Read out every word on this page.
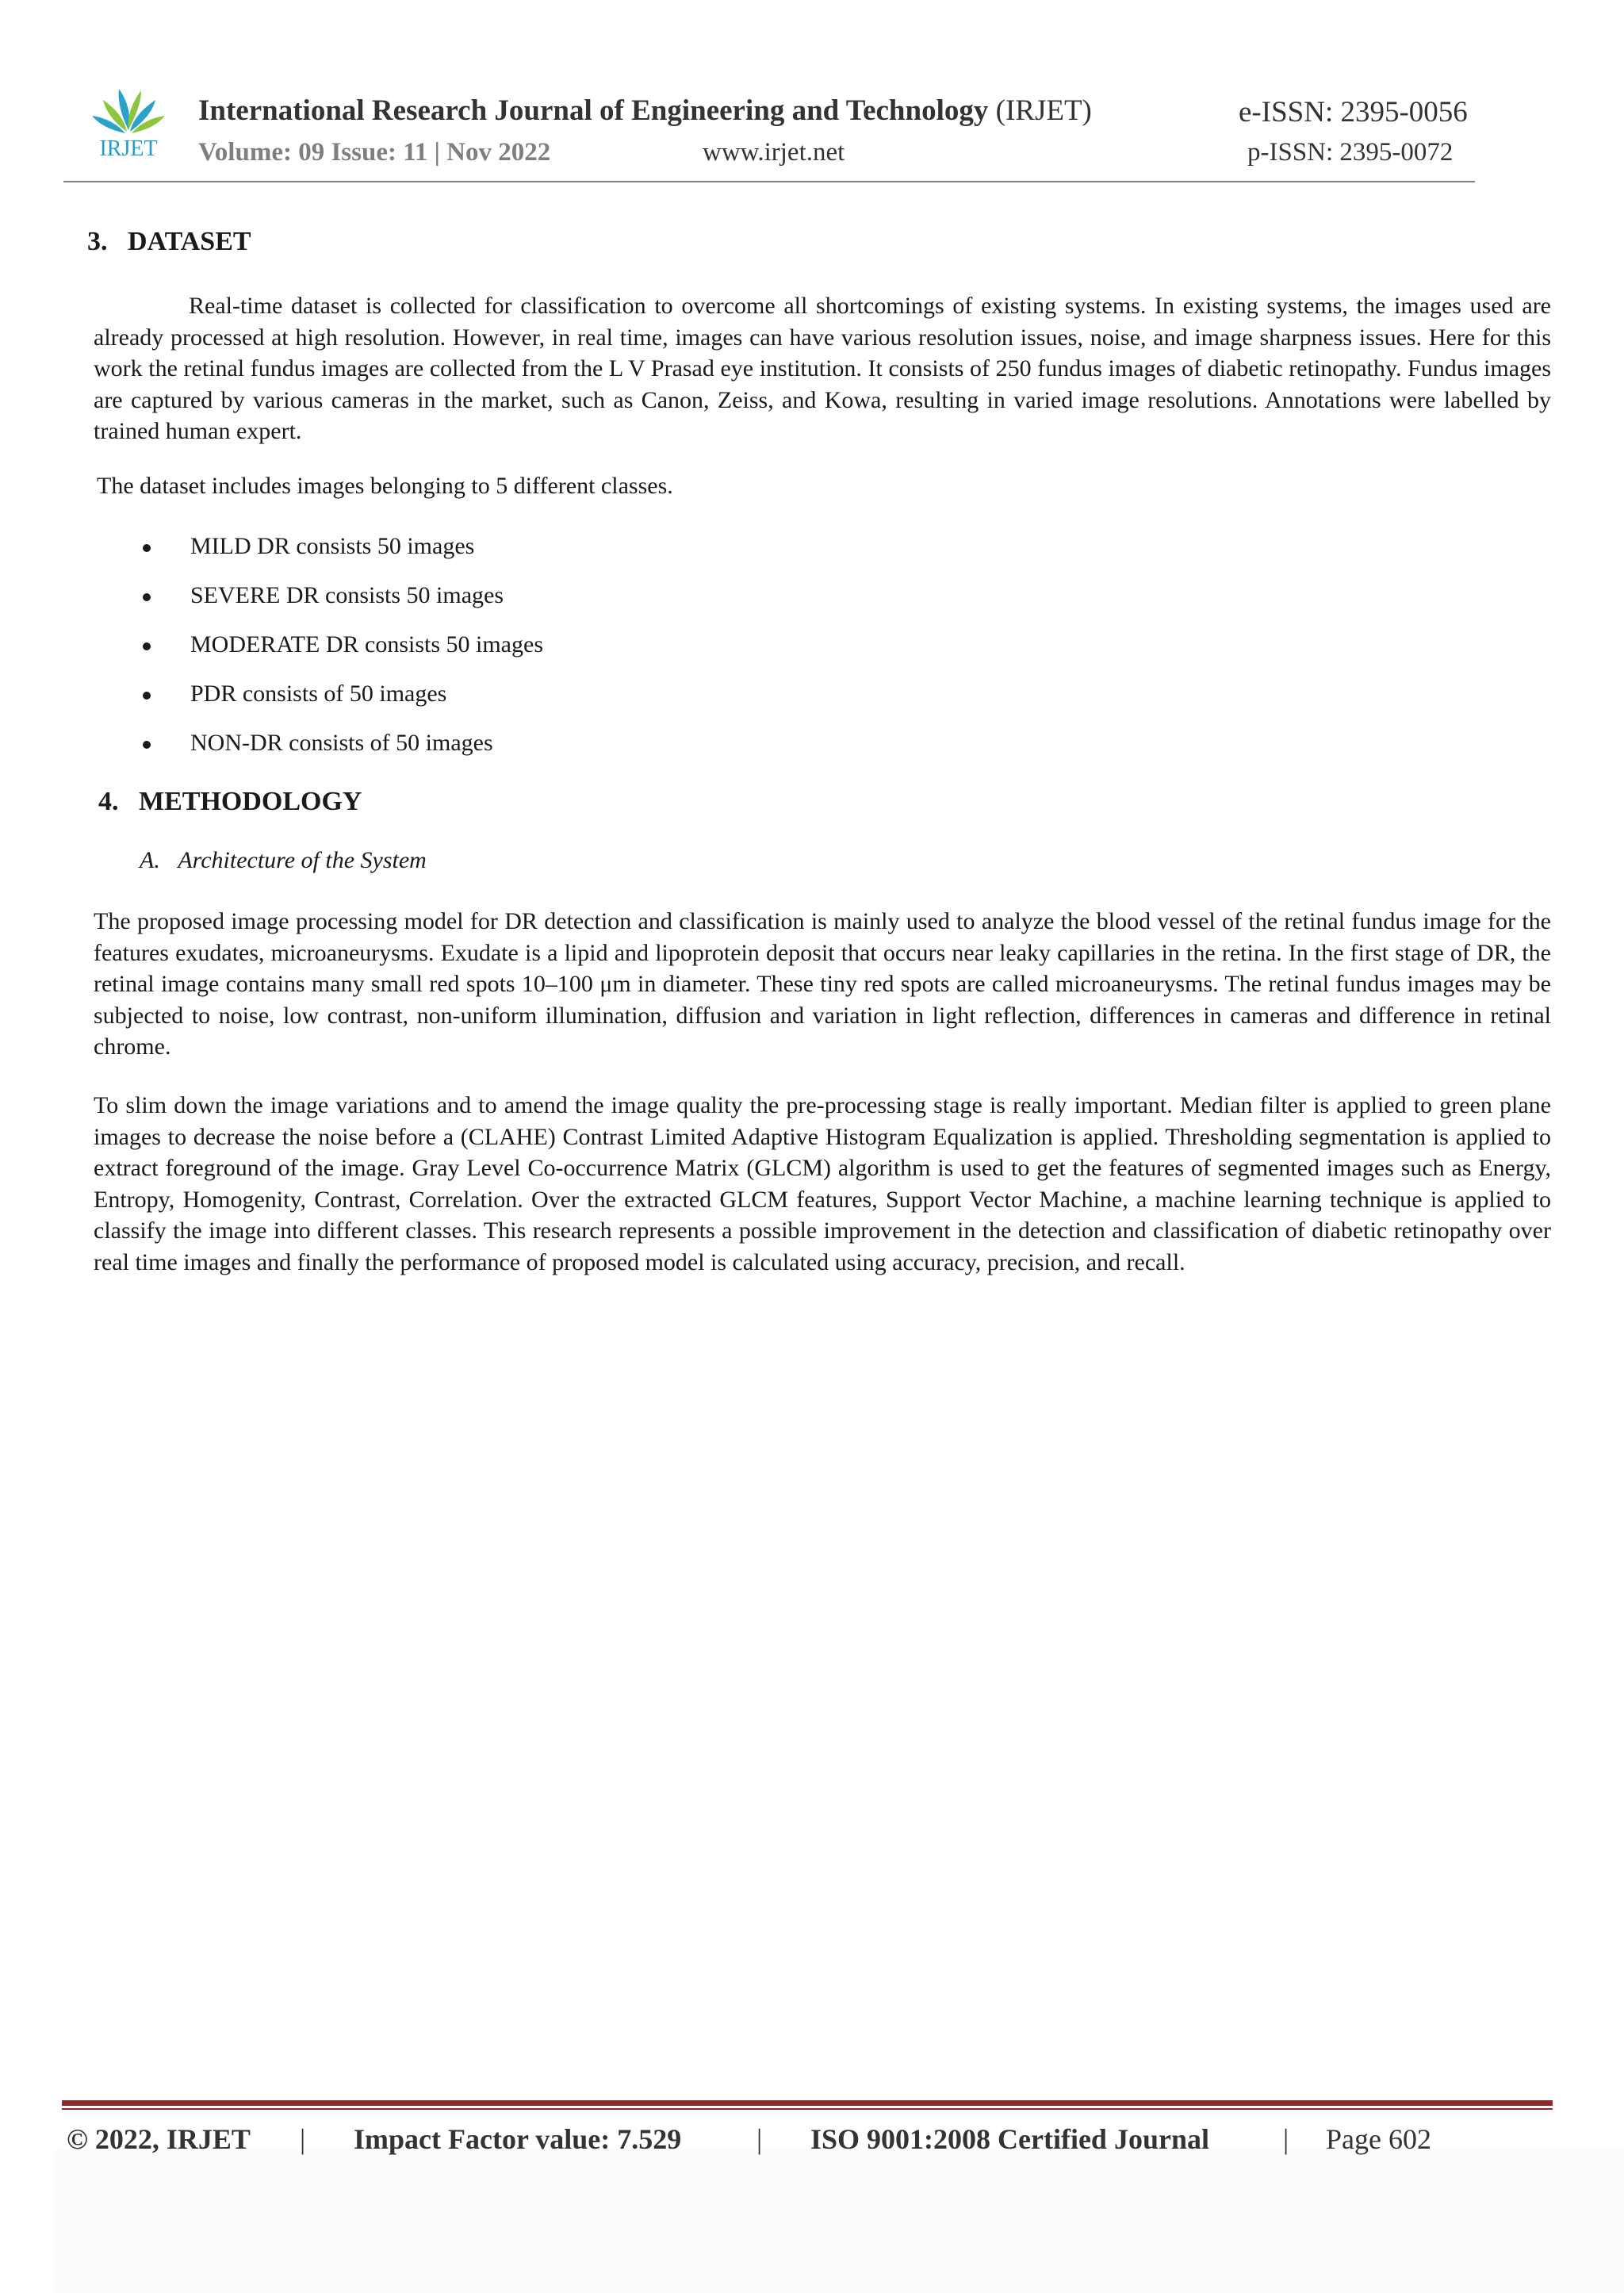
IRJET
International Research Journal of Engineering and Technology (IRJET)
Volume: 09 Issue: 11 | Nov 2022	www.irjet.net
e-ISSN: 2395-0056
p-ISSN: 2395-0072
3. DATASET
Real-time dataset is collected for classification to overcome all shortcomings of existing systems. In existing systems, the images used are already processed at high resolution. However, in real time, images can have various resolution issues, noise, and image sharpness issues. Here for this work the retinal fundus images are collected from the L V Prasad eye institution. It consists of 250 fundus images of diabetic retinopathy. Fundus images are captured by various cameras in the market, such as Canon, Zeiss, and Kowa, resulting in varied image resolutions. Annotations were labelled by trained human expert.
The dataset includes images belonging to 5 different classes.
MILD DR consists 50 images
SEVERE DR consists 50 images
MODERATE DR consists 50 images
PDR consists of 50 images
NON-DR consists of 50 images
4. METHODOLOGY
A. Architecture of the System
The proposed image processing model for DR detection and classification is mainly used to analyze the blood vessel of the retinal fundus image for the features exudates, microaneurysms. Exudate is a lipid and lipoprotein deposit that occurs near leaky capillaries in the retina. In the first stage of DR, the retinal image contains many small red spots 10–100 μm in diameter. These tiny red spots are called microaneurysms. The retinal fundus images may be subjected to noise, low contrast, non-uniform illumination, diffusion and variation in light reflection, differences in cameras and difference in retinal chrome.
To slim down the image variations and to amend the image quality the pre-processing stage is really important. Median filter is applied to green plane images to decrease the noise before a (CLAHE) Contrast Limited Adaptive Histogram Equalization is applied. Thresholding segmentation is applied to extract foreground of the image. Gray Level Co-occurrence Matrix (GLCM) algorithm is used to get the features of segmented images such as Energy, Entropy, Homogenity, Contrast, Correlation. Over the extracted GLCM features, Support Vector Machine, a machine learning technique is applied to classify the image into different classes. This research represents a possible improvement in the detection and classification of diabetic retinopathy over real time images and finally the performance of proposed model is calculated using accuracy, precision, and recall.
© 2022, IRJET | Impact Factor value: 7.529	| ISO 9001:2008 Certified Journal	| Page 602
